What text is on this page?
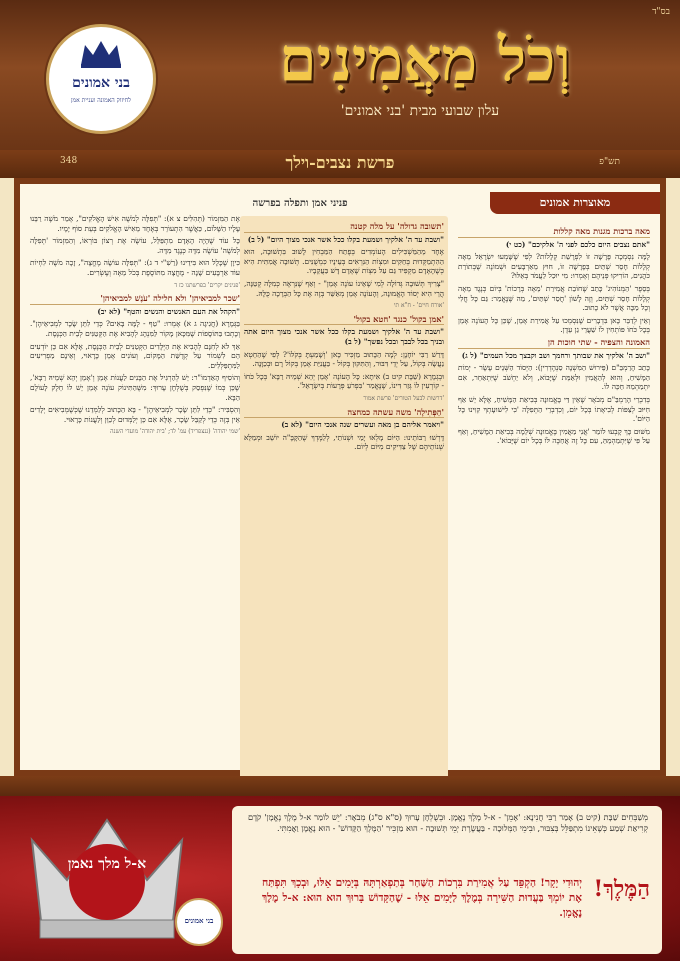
בס"ד
וְכֹל מַאֲמִינִים
עלון שבועי מבית 'בני אמונים'
בני אמונים
לחיזוק האמונה ועניית אמן
348	תש"פ
פרשת נצבים-וילך
מאוצרות אמונים
פניני אמן ותפלה בפרשה

מאה ברכות מגנות מאה קללות

"אתם נצבים היום כלכם לפני ה' אלקיכם" (כט י)

לָמָּה נִסְמְכָה פָּרָשָׁה זוֹ לִפְרָשַׁת קְלָלוֹת? לְפִי שֶׁשָּׁמְעוּ יִשְׂרָאֵל מֵאָה קְלָלוֹת חָסֵר שְׁתַּיִם בְּפָרָשָׁה זוֹ, חוּץ מֵאַרְבָּעִים וּשְׁמוֹנֶה שֶׁבְּתוֹרַת כֹּהֲנִים, הוֹרִיקוּ פְּנֵיהֶם וְאָמְרוּ: מִי יוּכַל לַעֲמֹד בְּאֵלּוּ?

בְּסֵפֶר 'הַמְּנוֹהִיג' כָּתַב שֶׁחוֹבַת אֲמִירַת 'מֵאָה בְּרָכוֹת' בְּיוֹם כְּנֶגֶד מֵאָה קְלָלוֹת חָסֵר שְׁתַּיִם, וְזֶה לָשׁוֹן 'חֲסַר שְׁתַּיִם', מַה שֶּׁנֶּאֱמַר: גַּם כָּל חֳלִי וְכָל מַכָּה אֲשֶׁר לֹא כָתוּב.

וְאֵין לְדַבֵּר כָּאן בִּדְבָרִים שֶׁנִּסְמְכוּ עַל אֲמִירַת אָמֵן, שֶׁכֵּן כָּל הָעוֹנֶה אָמֵן בְּכָל כֹּחוֹ פּוֹתְחִין לוֹ שַׁעֲרֵי גַן עֵדֶן.

האמונה והצפיה - שתי חוכות הן

"ושב ה' אלקיך את שבותך ורחמך ושב וקבצך מכל העמים" (ל ג)

כָּתַב הָרַמְבַּ"ם (פֵּירוּשׁ הַמִּשְׁנָה סַנְהֶדְרִין): הַיְּסוֹד הַשְּׁנֵים עָשָׂר - יְמוֹת הַמָּשִׁיחַ, וְהוּא לְהַאֲמִין וּלְאַמֵּת שֶׁיָּבוֹא, וְלֹא יַחְשֹׁב שֶׁיִּתְאַחֵר, אִם יִתְמַהְמַהּ חַכֵּה לוֹ.

בְּדִבְרֵי הָרַמְבַּ"ם מְבֹאָר שֶׁאֵין דַּי בָּאֱמוּנָה בְּבִיאַת הַמָּשִׁיחַ, אֶלָּא יֵשׁ אַף חִיּוּב לְצַפּוֹת לְבִיאָתוֹ בְּכָל יוֹם, וְכִדְבְרֵי הַתְּפִלָּה 'כִּי לִישׁוּעָתְךָ קִוִּינוּ כָּל הַיּוֹם'.

מִשּׁוּם כָּךְ קָבְעוּ לוֹמַר 'אֲנִי מַאֲמִין בֶּאֱמוּנָה שְׁלֵמָה בְּבִיאַת הַמָּשִׁיחַ, וְאַף עַל פִּי שֶׁיִּתְמַהְמֵהַּ, עִם כָּל זֶה אֲחַכֶּה לּוֹ בְּכָל יוֹם שֶׁיָּבוֹא'.

'תשובה גדולה' על מלה קטנה

"ושבת עד ה' אלקיך ושמעת בקלו ככל אשר אנכי מצוך היום" (ל ב)

אֶחָד מֵהַמַּשְׁכִּילִים הָעוֹמְדִים בְּפֶתַח הַמַּבְחִין לָשׁוּב בִּתְשׁוּבָה, הוּא הַהִתְמַקְּדוּת בְּחַקִּים וּמִצְוֹת הַנִּרְאִים בְּעֵינָיו כִּמְשֻׁנִּים. תְּשׁוּבָה אֲמִתִּית הִיא כְּשֶׁהָאָדָם מַקְפִּיד גַּם עַל מִצְוֹת שֶׁאָדָם דָּשׁ בַּעֲקֵבָיו.

"צָרִיךְ תְּשׁוּבָה גְּדוֹלָה לְמִי שֶׁאֵינוֹ עוֹנֶה אָמֵן" - וְאַף שֶׁנִּרְאֶה כְּמִלָּה קְטַנָּה, הֲרֵי הִיא יְסוֹד הָאֱמוּנָה, וְהָעוֹנֶה אָמֵן מְאַשֵּׁר בְּזֶה אֶת כָּל הַבְּרָכָה כֻּלָּהּ.

'אורח חיים' - ח"א תי

'אמן בקול' כנגד 'חטא בקול'

"ושבת עד ה' אלקיך ושמעת בקלו ככל אשר אנכי מצוך היום אתה ובניך בכל לבבך ובכל נפשך" (ל ב)

דָּרַשׁ רַבִּי יוֹחָנָן: לְמָה הַכָּתוּב מַזְכִּיר כָּאן 'וְשָׁמַעְתָּ בְּקֹלוֹ'? לְפִי שֶׁהַחֵטְא נַעֲשָׂה בְּקוֹל, עַל יְדֵי דִּבּוּר, וְהַתִּקּוּן בְּקוֹל - בַּעֲנִיַּת אָמֵן בְּקוֹל רָם וּבְכַוָּנָה.

וּבְגְמָרָא (שַׁבָּת קיט ב) אִיתָא: כָּל הָעוֹנֶה 'אָמֵן יְהֵא שְׁמֵיהּ רַבָּא' בְּכָל כֹּחוֹ - קוֹרְעִין לוֹ גְּזַר דִּינוֹ, שֶׁנֶּאֱמַר 'בִּפְרֹעַ פְּרָעוֹת בְּיִשְׂרָאֵל'.

'דרשות לבעל הטורים' פרשת אמור

'הַפְּתִילָה' משה עשתה כמחצה

"ויאמר אליהם בן מאה ועשרים שנה אנכי היום" (לא ב)

דָּרְשׁוּ רַבּוֹתֵינוּ: הַיּוֹם מָלְאוּ יָמַי וּשְׁנוֹתַי, לְלַמֶּדְךָ שֶׁהַקָּבָּ"ה יוֹשֵׁב וּמְמַלֵּא שְׁנוֹתֵיהֶם שֶׁל צַדִּיקִים מִיּוֹם לְיוֹם.

אֶת הַמִּזְמוֹר (תְּהִלִּים צ א): "תְּפִלָּה לְמֹשֶׁה אִישׁ הָאֱלֹקִים", אָמַר מֹשֶׁה רַבֵּנוּ עָלָיו הַשָּׁלוֹם, כַּאֲשֶׁר הִתְעוֹרֵר בְּאֶחָד מֵאִישׁ הָאֱלֹקִים בְּעֵת סוֹף יָמָיו.

כָּל עוֹד שֶׁהָיָה הָאָדָם מִתְפַּלֵּל, עוֹשֶׂה אֶת רְצוֹן בּוֹרְאוֹ, וְהַמִּזְמוֹר 'תְּפִלָּה לְמֹשֶׁה' עוֹשֶׂה מִדָּה כְּנֶגֶד מִדָּה.

כִּיוָן שֶׁכָּלָל הוּא בִּידֵינוּ (רַשִׁ"י ד ג): "תְּפִלָּה עוֹשָׂה מֶחֱצָה", זָכָה מֹשֶׁה לִחְיוֹת עוֹד אַרְבָּעִים שָׁנָה - מֶחֱצָה מִתּוֹסֶפֶת בְּכֹל מֵאָה וְעֶשְׂרִים.

'פנינים יקרים' בפרשתנו כז ד

'שכר למביאיהן' ולא חלילה 'עֹנֶשׁ למביאיהן'

"הקהל את העם האנשים והנשים והטף" (לא יב)

בַּגְּמָרָא (חֲגִיגָה ג א) אָמְרוּ: "טַף - לָמָּה בָּאִים? כְּדֵי לִתֵּן שָׂכָר לִמְבִיאֵיהֶן". וְכָתְבוּ בַּתּוֹסָפוֹת שֶׁמִּכָּאן מָקוֹר לַמִּנְהָג לְהָבִיא אֶת הַקְּטַנִּים לְבֵית הַכְּנֶסֶת.

אַךְ לֹא לְחִנָּם לְהָבִיא אֶת הַיְּלָדִים הַקְּטַנִּים לְבֵית הַכְּנֶסֶת, אֶלָּא אִם כֵּן יוֹדְעִים הֵם לִשְׁמוֹר עַל קְדֻשַּׁת הַמָּקוֹם, וְעוֹנִים אָמֵן כָּרָאוּי, וְאֵינָם מַפְרִיעִים לַמִּתְפַּלְּלִים.

וְהוֹסִיף הָאַדְמוֹ"ר: יֵשׁ לְהַרְגִּיל אֶת הַבָּנִים לַעֲנוֹת אָמֵן וְ'אָמֵן יְהֵא שְׁמֵיהּ רַבָּא', שֶׁכֵּן כְּמוֹ שֶׁנִּפְסַק בְּשֻׁלְחָן עָרוּךְ: מִשֶּׁהַתִּינוֹק עוֹנֶה אָמֵן יֵשׁ לוֹ חֵלֶק לָעוֹלָם הַבָּא.

וְהִסְבִּיר: "כְּדֵי לִתֵּן שָׂכָר לִמְבִיאֵיהֶן" - בָּא הַכָּתוּב לְלַמְּדֵנוּ שֶׁכְּשֶׁמְּבִיאִים יְלָדִים אֵין בְּזֶה כְּדֵי לְקַבֵּל שָׂכָר, אֶלָּא אִם כֵּן יְלַמְּדוּם לְכַוֵּן וְלַעֲנוֹת כָּרָאוּי.

'שמי יהודה' (גנצפריד) עמ' לד; 'בית יהודה' מועדי השנה

א-ל מלך נאמן
בני אמונים
מְשַׁבְּחִים שַׁבָּת (קיט ב) אָמַר רַבִּי חֲנִינָא: 'אָמֵן' - א-ל מֶלֶךְ נֶאֱמָן. וּבְשֻׁלְחָן עָרוּךְ (ס"א ס"ג) מְבֹאָר: 'יֵשׁ לוֹמַר א-ל מֶלֶךְ נֶאֱמָן' קֹדֶם קְרִיאַת שְׁמַע כְּשֶׁאֵינוֹ מִתְפַּלֵּל בְּצִבּוּר, וּבִימֵי הַמְּלוּכָה - בַּעֲשֶׂרֶת יְמֵי תְּשׁוּבָה - הוּא מַזְכִּיר 'הַמֶּלֶךְ הַקָּדוֹשׁ' - הוּא נֶאֱמָן וַאֲמִתִּי.
הַמֶּלֶךְ!
יְהוּדִי יָקָר! הַקְפֵּד עַל אֲמִירַת בִּרְכוֹת הַשַּׁחַר בְּתַפְאַרְתָּהּ בְּיָמִים אֵלּוּ, וּבְכָךְ תִּפְתַּח אֶת יוֹמְךָ בַּעֲדוּת הַשִּׁירָה בְּמֶלֶךְ לַיָּמִים אֵלּוּ - שֶׁהַקָּדוֹשׁ בָּרוּךְ הוּא הוּא: א-ל מֶלֶךְ נֶאֱמָן.
